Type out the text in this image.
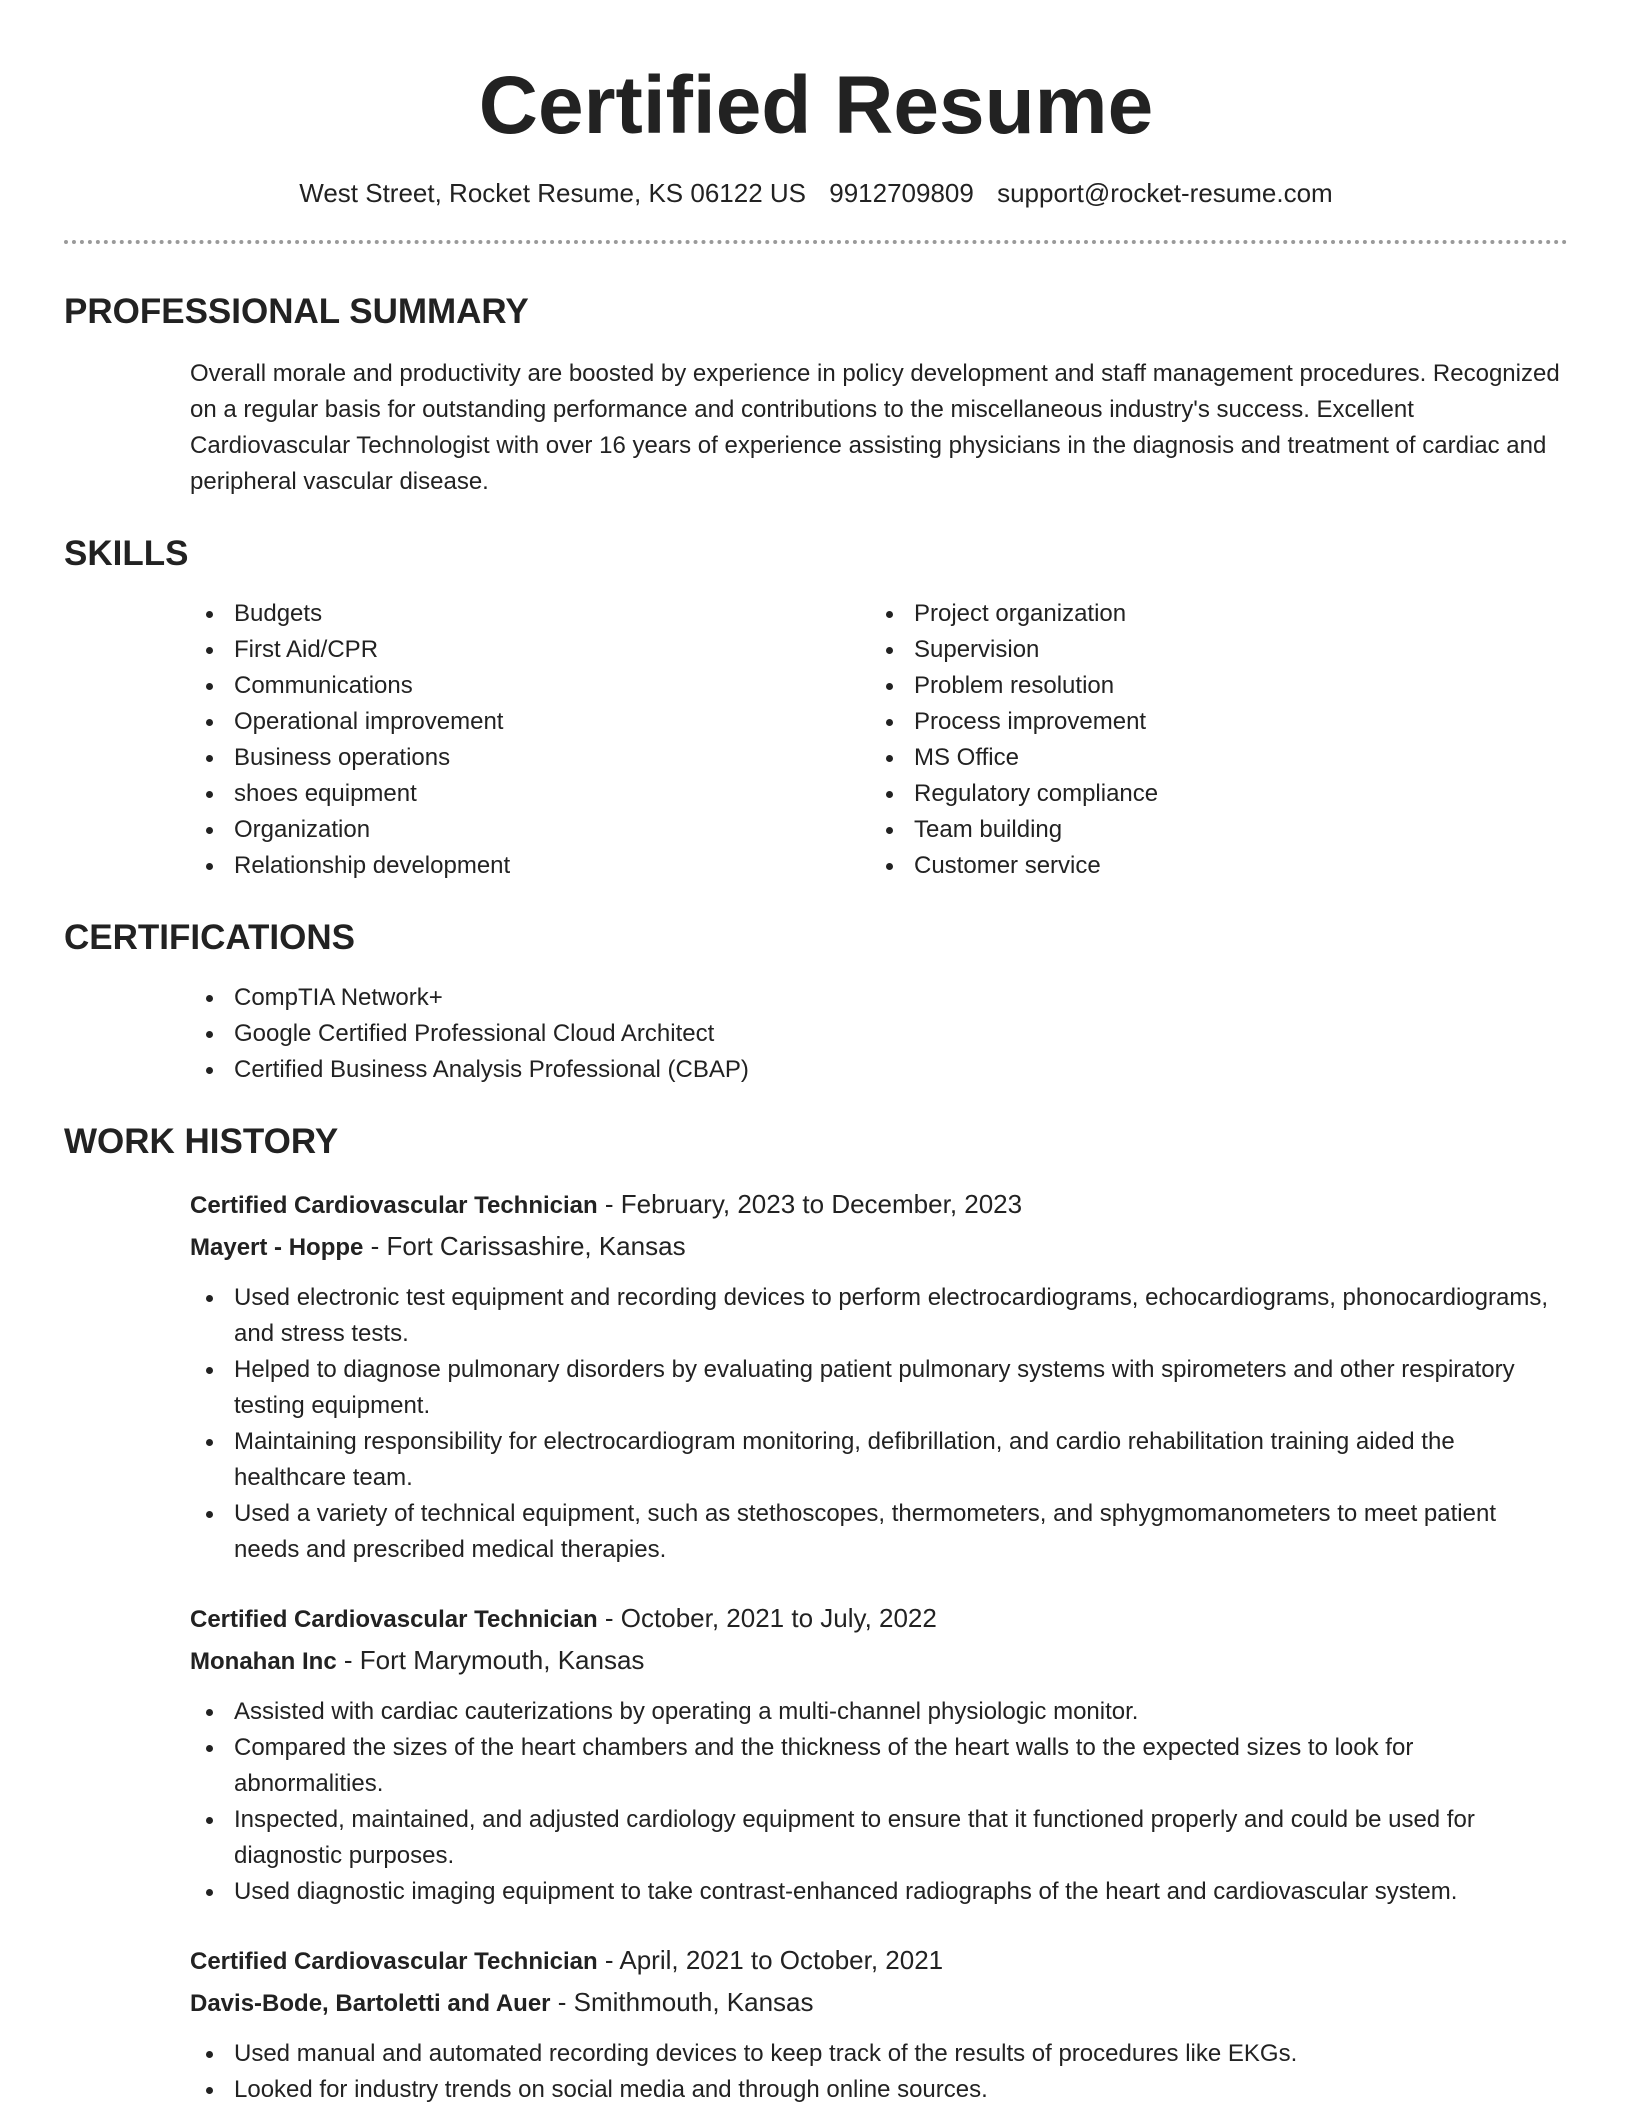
Certified Resume
West Street, Rocket Resume, KS 06122 US 9912709809 support@rocket-resume.com
PROFESSIONAL SUMMARY

Overall morale and productivity are boosted by experience in policy development and staff management procedures. Recognized on a regular basis for outstanding performance and contributions to the miscellaneous industry's success. Excellent Cardiovascular Technologist with over 16 years of experience assisting physicians in the diagnosis and treatment of cardiac and peripheral vascular disease.

SKILLS
Budgets
First Aid/CPR
Communications
Operational improvement
Business operations
shoes equipment
Organization
Relationship development
Project organization
Supervision
Problem resolution
Process improvement
MS Office
Regulatory compliance
Team building
Customer service
CERTIFICATIONS
CompTIA Network+
Google Certified Professional Cloud Architect
Certified Business Analysis Professional (CBAP)
WORK HISTORY
Certified Cardiovascular Technician - February, 2023 to December, 2023
Mayert - Hoppe - Fort Carissashire, Kansas
Used electronic test equipment and recording devices to perform electrocardiograms, echocardiograms, phonocardiograms, and stress tests.
Helped to diagnose pulmonary disorders by evaluating patient pulmonary systems with spirometers and other respiratory testing equipment.
Maintaining responsibility for electrocardiogram monitoring, defibrillation, and cardio rehabilitation training aided the healthcare team.
Used a variety of technical equipment, such as stethoscopes, thermometers, and sphygmomanometers to meet patient needs and prescribed medical therapies.
Certified Cardiovascular Technician - October, 2021 to July, 2022
Monahan Inc - Fort Marymouth, Kansas
Assisted with cardiac cauterizations by operating a multi-channel physiologic monitor.
Compared the sizes of the heart chambers and the thickness of the heart walls to the expected sizes to look for abnormalities.
Inspected, maintained, and adjusted cardiology equipment to ensure that it functioned properly and could be used for diagnostic purposes.
Used diagnostic imaging equipment to take contrast-enhanced radiographs of the heart and cardiovascular system.
Certified Cardiovascular Technician - April, 2021 to October, 2021
Davis-Bode, Bartoletti and Auer - Smithmouth, Kansas
Used manual and automated recording devices to keep track of the results of procedures like EKGs.
Looked for industry trends on social media and through online sources.
